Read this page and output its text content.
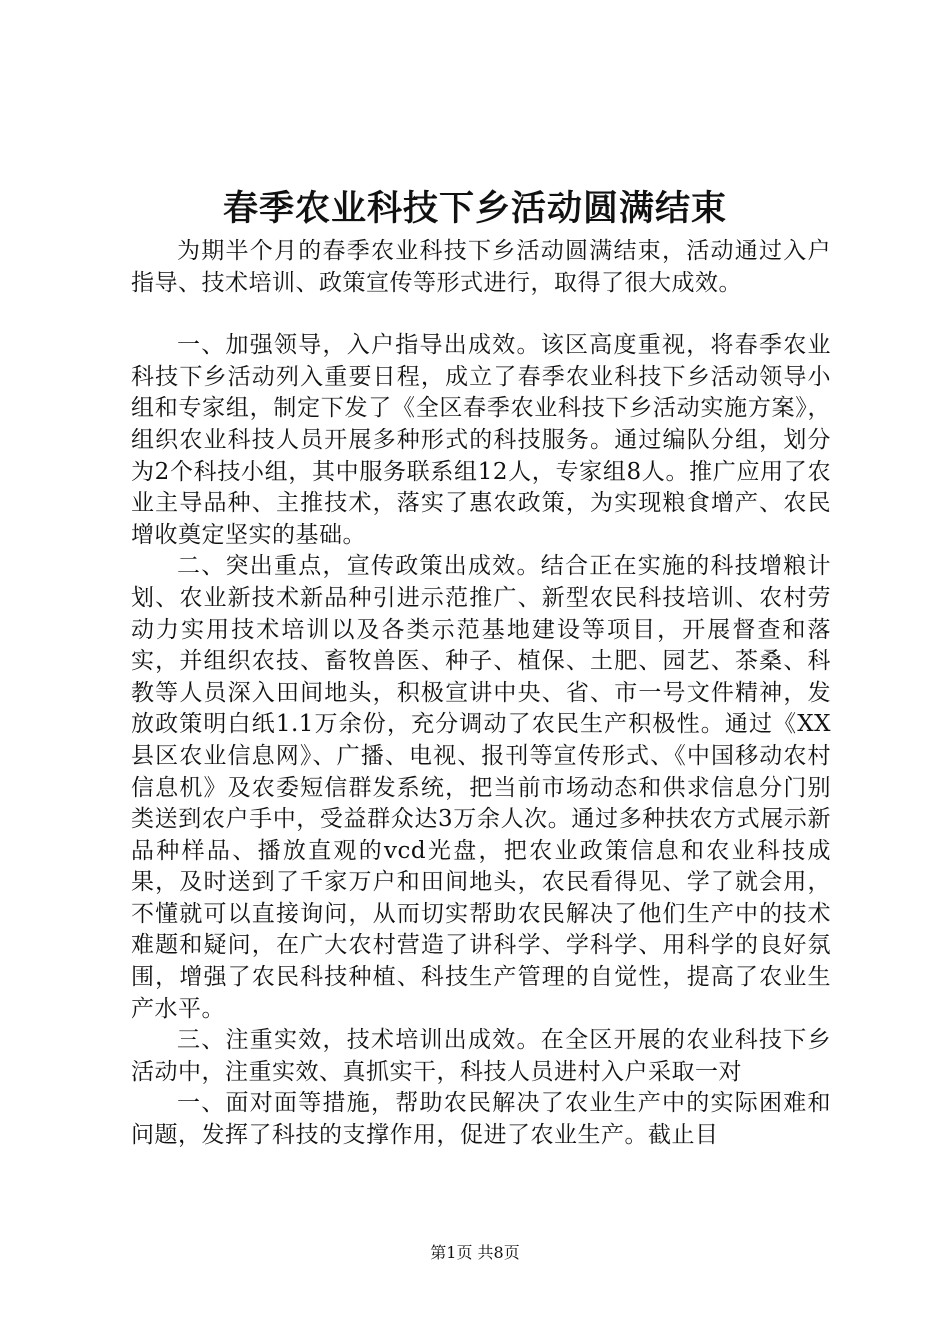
春季农业科技下乡活动圆满结束

为期半个月的春季农业科技下乡活动圆满结束，活动通过入户指导、技术培训、政策宣传等形式进行，取得了很大成效。

一、加强领导，入户指导出成效。该区高度重视，将春季农业科技下乡活动列入重要日程，成立了春季农业科技下乡活动领导小组和专家组，制定下发了《全区春季农业科技下乡活动实施方案》，组织农业科技人员开展多种形式的科技服务。通过编队分组，划分为2个科技小组，其中服务联系组12人，专家组8人。推广应用了农业主导品种、主推技术，落实了惠农政策，为实现粮食增产、农民增收奠定坚实的基础。

二、突出重点，宣传政策出成效。结合正在实施的科技增粮计划、农业新技术新品种引进示范推广、新型农民科技培训、农村劳动力实用技术培训以及各类示范基地建设等项目，开展督查和落实，并组织农技、畜牧兽医、种子、植保、土肥、园艺、茶桑、科教等人员深入田间地头，积极宣讲中央、省、市一号文件精神，发放政策明白纸1.1万余份，充分调动了农民生产积极性。通过《XX县区农业信息网》、广播、电视、报刊等宣传形式、《中国移动农村信息机》及农委短信群发系统，把当前市场动态和供求信息分门别类送到农户手中，受益群众达3万余人次。通过多种扶农方式展示新品种样品、播放直观的vcd光盘，把农业政策信息和农业科技成果，及时送到了千家万户和田间地头，农民看得见、学了就会用，不懂就可以直接询问，从而切实帮助农民解决了他们生产中的技术难题和疑问，在广大农村营造了讲科学、学科学、用科学的良好氛围，增强了农民科技种植、科技生产管理的自觉性，提高了农业生产水平。

三、注重实效，技术培训出成效。在全区开展的农业科技下乡活动中，注重实效、真抓实干，科技人员进村入户采取一对

一、面对面等措施，帮助农民解决了农业生产中的实际困难和问题，发挥了科技的支撑作用，促进了农业生产。截止目

第1页 共8页
